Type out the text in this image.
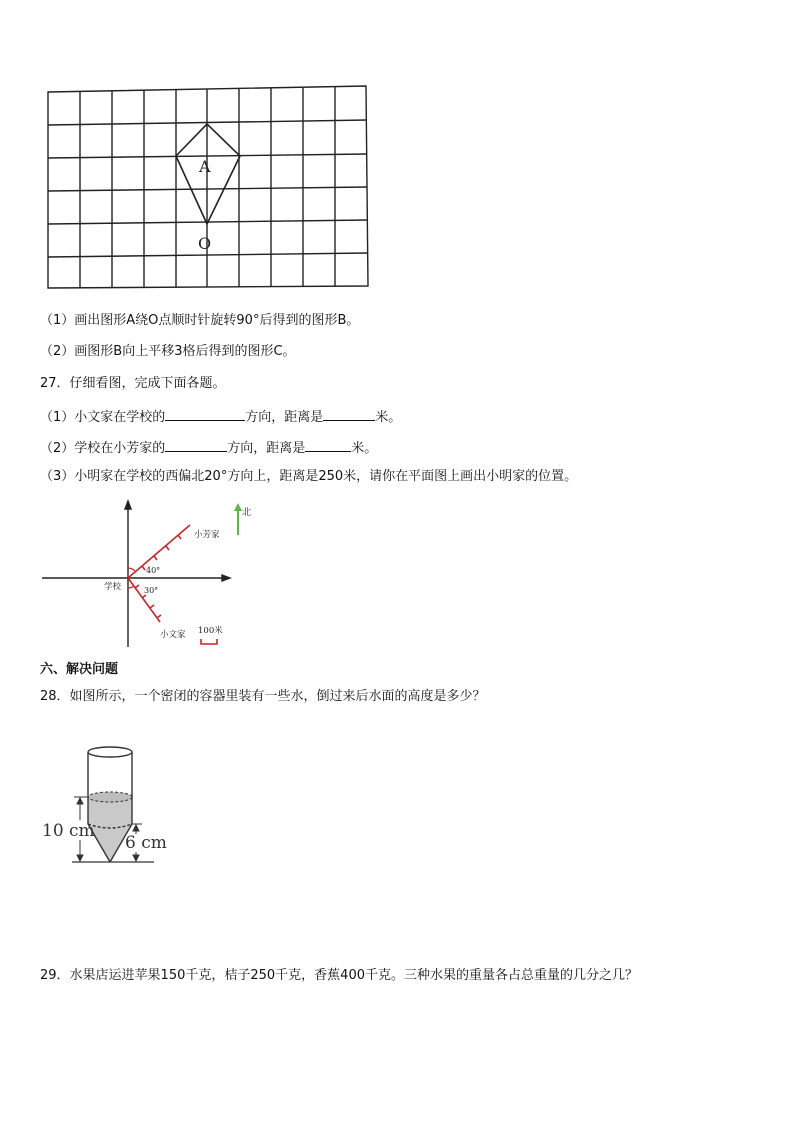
A
O
（1）画出图形A绕O点顺时针旋转90°后得到的图形B。
（2）画图形B向上平移3格后得到的图形C。
27．仔细看图，完成下面各题。
（1）小文家在学校的	方向，距离是	米。
（2）学校在小芳家的	方向，距离是	米。
（3）小明家在学校的西偏北20°方向上，距离是250米，请你在平面图上画出小明家的位置。
北
40°
30°
学校
小芳家
小文家 100米
六、解决问题
28．如图所示，一个密闭的容器里装有一些水，倒过来后水面的高度是多少？
10 cm
6 cm
29．水果店运进苹果150千克，桔子250千克，香蕉400千克。三种水果的重量各占总重量的几分之几？
